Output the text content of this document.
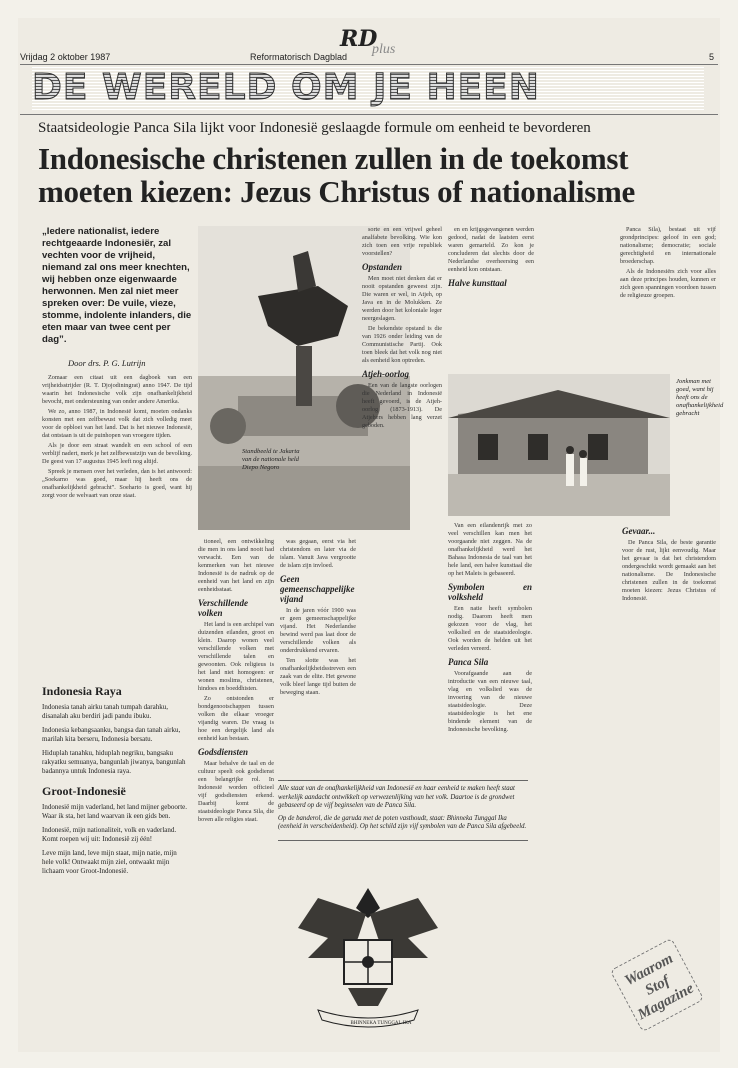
RD
plus
Vrijdag 2 oktober 1987	Reformatorisch Dagblad	5
DE WERELD OM JE HEEN
Staatsideologie Panca Sila lijkt voor Indonesië geslaagde formule om eenheid te bevorderen
Indonesische christenen zullen in de toekomst moeten kiezen: Jezus Christus of nationalisme
„Iedere nationalist, iedere rechtgeaarde Indonesiër, zal vechten voor de vrijheid, niemand zal ons meer knechten, wij hebben onze eigenwaarde herwonnen. Men zal niet meer spreken over: De vuile, vieze, stomme, indolente inlanders, die eten maar van twee cent per dag”.
Door drs. P. G. Lutrijn

Zomaar een citaat uit een dagboek van een vrijheidsstrijder (R. T. Djojodiningrat) anno 1947. De tijd waarin het Indonesische volk zijn onafhankelijkheid bevocht, met ondersteuning van onder andere Amerika.

We zo, anno 1987, in Indonesië komt, moeten ondanks konsten met een zelfbewust volk dat zich volledig meet voor de opbloei van het land. Dat is het nieuwe Indonesië, dat ontstaan is uit de puinhopen van vroegere tijden.

Als je door een straat wandelt en een school of een verblijf nadert, merk je het zelfbewustzijn van de bevolking. De geest van 17 augustus 1945 leeft nog altijd.

Spreek je mensen over het verleden, dan is het antwoord: „Soekarno was goed, maar hij heeft ons de onafhankelijkheid gebracht”. Soeharto is goed, want hij zorgt voor de welvaart van onze staat.

Indonesia Raya

Indonesia tanah airku tanah tumpah darahku, disanalah aku berdiri jadi pandu ibuku.

Indonesia kebangsaanku, bangsa dan tanah airku, marilah kita berseru, Indonesia bersatu.

Hiduplah tanahku, hiduplah negriku, bangsaku rakyatku semuanya, bangunlah jiwanya, bangunlah badannya untuk Indonesia raya.

Groot-Indonesië

Indonesië mijn vaderland, het land mijner geboorte. Waar ik sta, het land waarvan ik een gids ben.

Indonesië, mijn nationaliteit, volk en vaderland. Komt roepen wij uit: Indonesië zij één!

Leve mijn land, leve mijn staat, mijn natie, mijn hele volk! Ontwaakt mijn ziel, ontwaakt mijn lichaam voor Groot-Indonesië.

Standbeeld te Jakarta van de nationale held Diepo Negoro

tioneel, een ontwikkeling die men in ons land nooit had verwacht. Een van de kenmerken van het nieuwe Indonesië is de nadruk op de eenheid van het land en zijn eenheidsstaat.

Verschillende volken

Het land is een archipel van duizenden eilanden, groot en klein. Daarop wonen veel verschillende volken met verschillende talen en gewoonten. Ook religieus is het land niet homogeen: er wonen moslims, christenen, hindoes en boeddhisten.

Zo ontstonden er bondgenootschappen tussen volken die elkaar vroeger vijandig waren. De vraag is hoe een dergelijk land als eenheid kan bestaan.

Godsdiensten

Maar behalve de taal en de cultuur speelt ook godsdienst een belangrijke rol. In Indonesië worden officieel vijf godsdiensten erkend. Daarbij komt de staatsideologie Panca Sila, die boven alle religies staat.

was gegaan, eerst via het christendom en later via de islam. Vanuit Java vergrootte de islam zijn invloed.

Geen gemeenschappelijke vijand

In de jaren vóór 1900 was er geen gemeenschappelijke vijand. Het Nederlandse bewind werd pas laat door de verschillende volken als onderdrukkend ervaren.

Ten slotte was het onafhankelijkheidsstreven een zaak van de elite. Het gewone volk bleef lange tijd buiten de beweging staan.

sorte en een vrijwel geheel analfabete bevolking. Wie kon zich toen een vrije republiek voorstellen?

Opstanden

Men moet niet denken dat er nooit opstanden geweest zijn. Die waren er wel, in Atjeh, op Java en in de Molukken. Ze werden door het koloniale leger neergeslagen.

De bekendste opstand is die van 1926 onder leiding van de Communistische Partij. Ook toen bleek dat het volk nog niet als eenheid kon optreden.

Atjeh-oorlog

Een van de langste oorlogen die Nederland in Indonesië heeft gevoerd, is de Atjeh-oorlog (1873-1913). De Atjehers hebben lang verzet geboden.

en en krijgsgevangenen werden gedood, nadat de laatsten eerst waren gemarteld. Zo kon je concluderen dat slechts door de Nederlandse overheersing een eenheid kon ontstaan.

Halve kunsttaal
Jonkman met goed, want hij heeft ons de onafhankelijkheid gebracht

Van een eilandenrijk met zo veel verschillen kan men het voorgaande niet zeggen. Na de onafhankelijkheid werd het Bahasa Indonesia de taal van het hele land, een halve kunsttaal die op het Maleis is gebaseerd.

Symbolen en volksheld

Een natie heeft symbolen nodig. Daarom heeft men gekozen voor de vlag, het volkslied en de staatsideologie. Ook worden de helden uit het verleden vereerd.

Panca Sila

Voorafgaande aan de introductie van een nieuwe taal, vlag en volkslied was de invoering van de nieuwe staatsideologie. Deze staatsideologie is het ene bindende element van de Indonesische bevolking.

Panca Sila), bestaat uit vijf grondprincipes: geloof in een god; nationalisme; democratie; sociale gerechtigheid en internationale broederschap.

Als de Indonesiërs zich voor alles aan deze principes houden, kunnen er zich geen spanningen voordoen tussen de religieuze groepen.

Gevaar...

De Panca Sila, de beste garantie voor de rust, lijkt eenvoudig. Maar het gevaar is dat het christendom ondergeschikt wordt gemaakt aan het nationalisme. De Indonesische christenen zullen in de toekomst moeten kiezen: Jezus Christus of Indonesië.

Alle staat van de onafhankelijkheid van Indonesië en haar eenheid te maken heeft staat werkelijk aandacht ontwikkelt op verwezenlijking van het volk. Daartoe is de grondwet gebaseerd op de vijf beginselen van de Panca Sila.

Op de banderol, die de garuda met de poten vasthoudt, staat: Bhinneka Tunggal Ika (eenheid in verscheidenheid). Op het schild zijn vijf symbolen van de Panca Sila afgebeeld.

BHINNEKA TUNGGAL IKA
Waarom Stof Magazine
